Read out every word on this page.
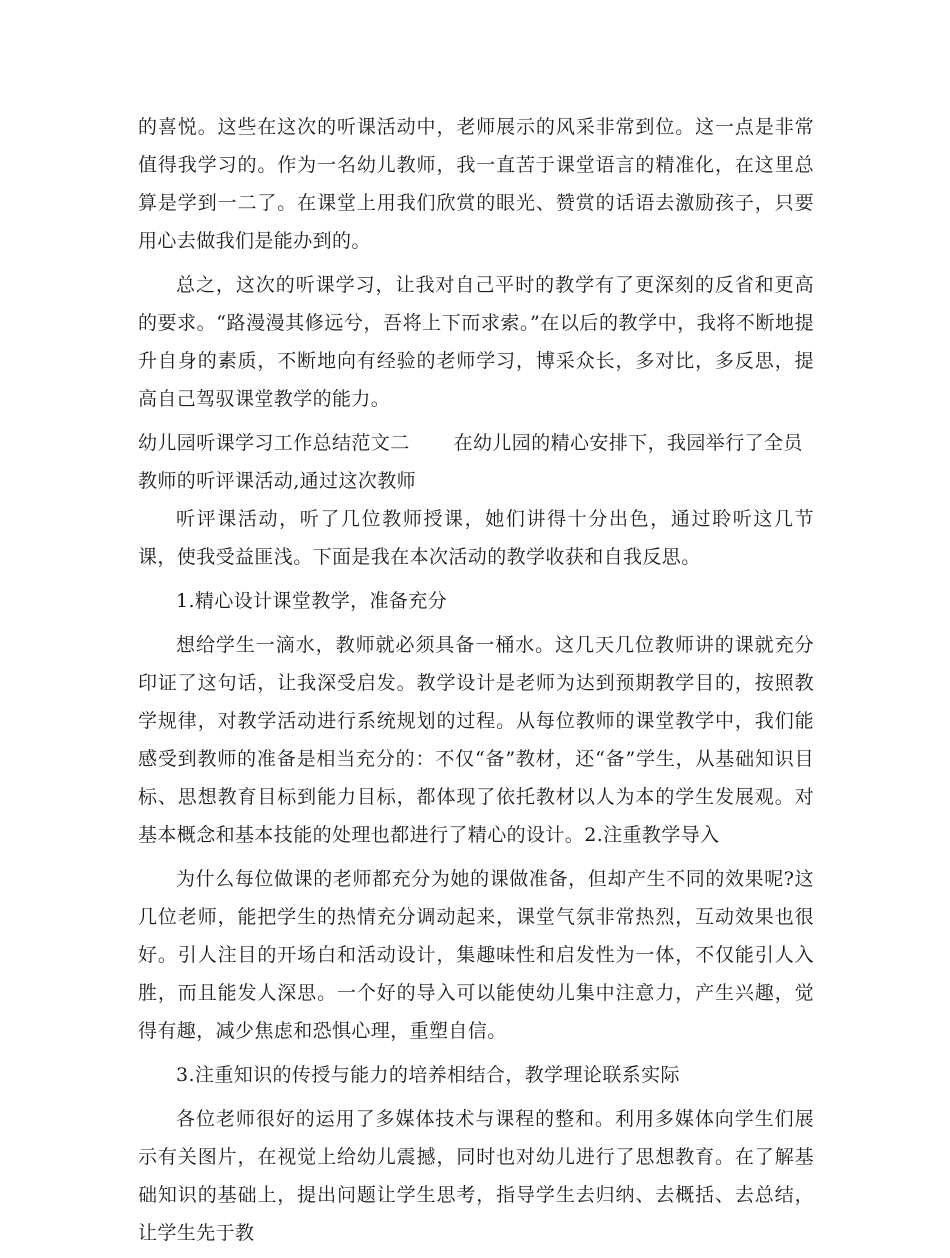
的喜悦。这些在这次的听课活动中，老师展示的风采非常到位。这一点是非常值得我学习的。作为一名幼儿教师，我一直苦于课堂语言的精准化，在这里总算是学到一二了。在课堂上用我们欣赏的眼光、赞赏的话语去激励孩子，只要用心去做我们是能办到的。

总之，这次的听课学习，让我对自己平时的教学有了更深刻的反省和更高的要求。“路漫漫其修远兮，吾将上下而求索。”在以后的教学中，我将不断地提升自身的素质，不断地向有经验的老师学习，博采众长，多对比，多反思，提高自己驾驭课堂教学的能力。

幼儿园听课学习工作总结范文二 在幼儿园的精心安排下，我园举行了全员教师的听评课活动,通过这次教师

听评课活动，听了几位教师授课，她们讲得十分出色，通过聆听这几节课，使我受益匪浅。下面是我在本次活动的教学收获和自我反思。

1.精心设计课堂教学，准备充分

想给学生一滴水，教师就必须具备一桶水。这几天几位教师讲的课就充分印证了这句话，让我深受启发。教学设计是老师为达到预期教学目的，按照教学规律，对教学活动进行系统规划的过程。从每位教师的课堂教学中，我们能感受到教师的准备是相当充分的：不仅“备”教材，还“备”学生，从基础知识目标、思想教育目标到能力目标，都体现了依托教材以人为本的学生发展观。对基本概念和基本技能的处理也都进行了精心的设计。2.注重教学导入

为什么每位做课的老师都充分为她的课做准备，但却产生不同的效果呢?这几位老师，能把学生的热情充分调动起来，课堂气氛非常热烈，互动效果也很好。引人注目的开场白和活动设计，集趣味性和启发性为一体，不仅能引人入胜，而且能发人深思。一个好的导入可以能使幼儿集中注意力，产生兴趣，觉得有趣，减少焦虑和恐惧心理，重塑自信。

3.注重知识的传授与能力的培养相结合，教学理论联系实际

各位老师很好的运用了多媒体技术与课程的整和。利用多媒体向学生们展示有关图片，在视觉上给幼儿震撼，同时也对幼儿进行了思想教育。在了解基础知识的基础上，提出问题让学生思考，指导学生去归纳、去概括、去总结，让学生先于教
